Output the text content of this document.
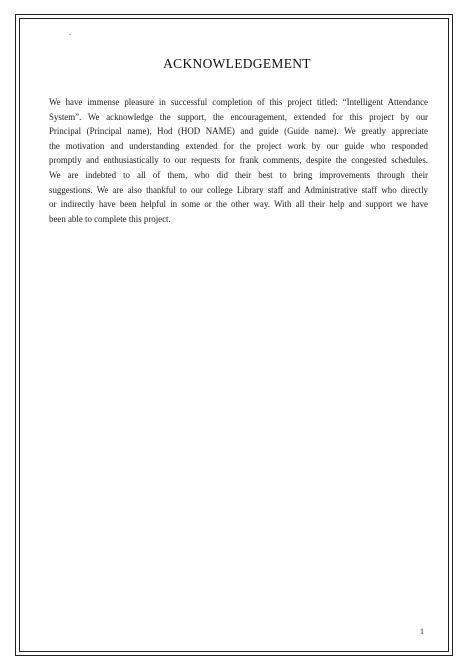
.
ACKNOWLEDGEMENT
We have immense pleasure in successful completion of this project titled: “Intelligent Attendance
System”. We acknowledge the support, the encouragement, extended for this project by our
Principal (Principal name), Hod (HOD NAME) and guide (Guide name). We greatly appreciate
the motivation and understanding extended for the project work by our guide who responded
promptly and enthusiastically to our requests for frank comments, despite the congested schedules.
We are indebted to all of them, who did their best to bring improvements through their
suggestions. We are also thankful to our college Library staff and Administrative staff who directly
or indirectly have been helpful in some or the other way. With all their help and support we have
been able to complete this project.
1
